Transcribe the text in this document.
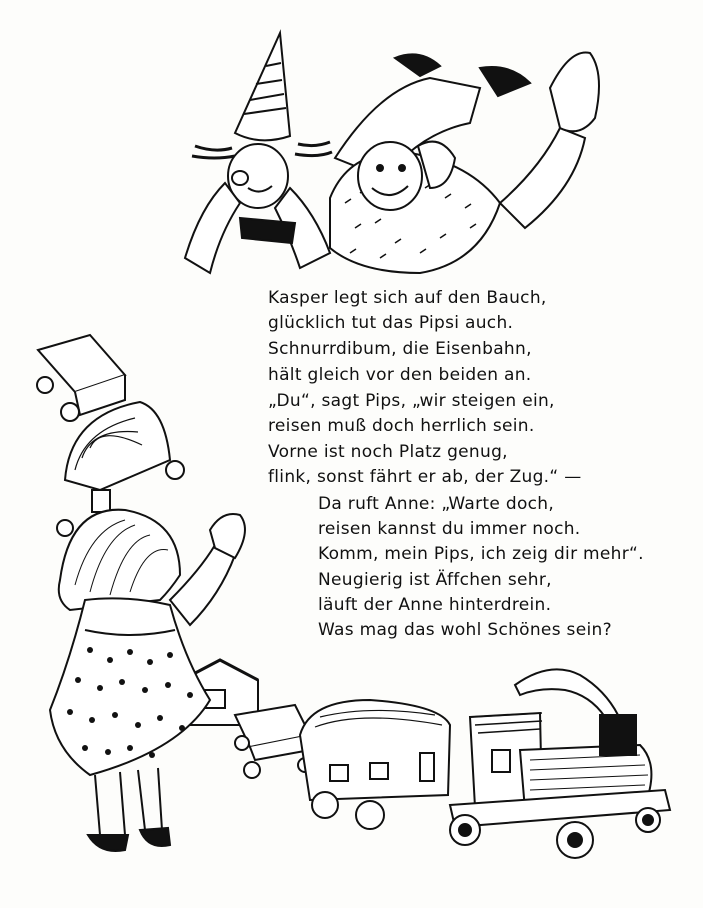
Kasper legt sich auf den Bauch,
glücklich tut das Pipsi auch.
Schnurrdibum, die Eisenbahn,
hält gleich vor den beiden an.
„Du“, sagt Pips, „wir steigen ein,
reisen muß doch herrlich sein.
Vorne ist noch Platz genug,
flink, sonst fährt er ab, der Zug.“ —
Da ruft Anne: „Warte doch,
reisen kannst du immer noch.
Komm, mein Pips, ich zeig dir mehr“.
Neugierig ist Äffchen sehr,
läuft der Anne hinterdrein.
Was mag das wohl Schönes sein?
